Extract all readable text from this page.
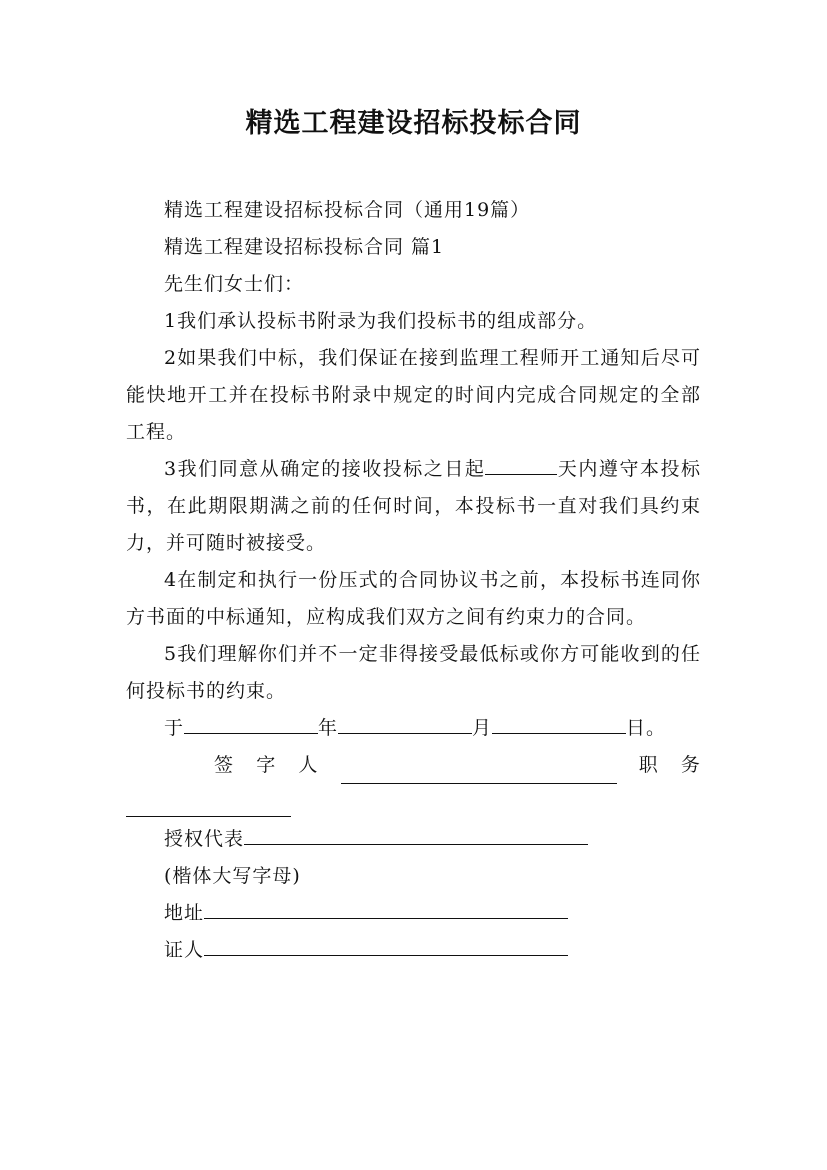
精选工程建设招标投标合同

精选工程建设招标投标合同（通用19篇）

精选工程建设招标投标合同 篇1

先生们女士们：

1我们承认投标书附录为我们投标书的组成部分。

2如果我们中标，我们保证在接到监理工程师开工通知后尽可能快地开工并在投标书附录中规定的时间内完成合同规定的全部工程。

3我们同意从确定的接收投标之日起	天内遵守本投标书，在此期限期满之前的任何时间，本投标书一直对我们具约束力，并可随时被接受。

4在制定和执行一份压式的合同协议书之前，本投标书连同你方书面的中标通知，应构成我们双方之间有约束力的合同。

5我们理解你们并不一定非得接受最低标或你方可能收到的任何投标书的约束。

于	年	月	日。

签 字 人	职 务

授权代表

(楷体大写字母)

地址

证人
